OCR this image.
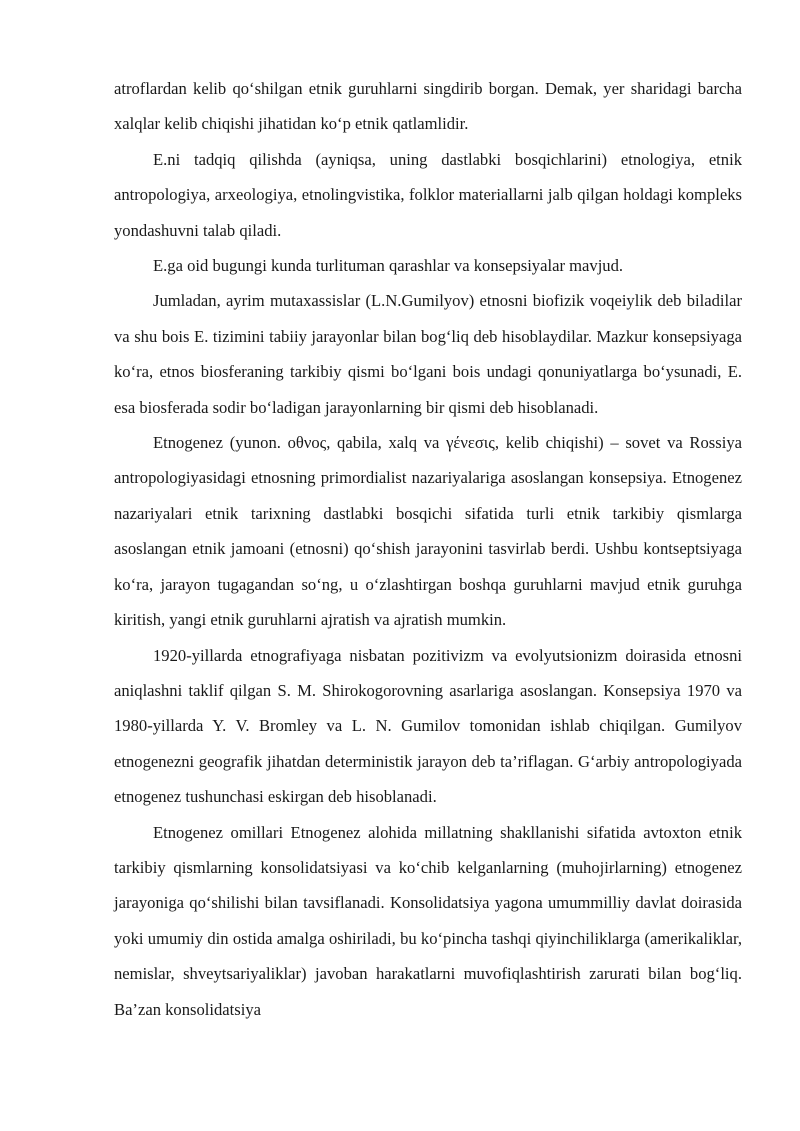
atroflardan kelib qo‘shilgan etnik guruhlarni singdirib borgan. Demak, yer sharidagi barcha xalqlar kelib chiqishi jihatidan ko‘p etnik qatlamlidir.

E.ni tadqiq qilishda (ayniqsa, uning dastlabki bosqichlarini) etnologiya, etnik antropologiya, arxeologiya, etnolingvistika, folklor materiallarni jalb qilgan holdagi kompleks yondashuvni talab qiladi.

E.ga oid bugungi kunda turlituman qarashlar va konsepsiyalar mavjud.

Jumladan, ayrim mutaxassislar (L.N.Gumilyov) etnosni biofizik voqeiylik deb biladilar va shu bois E. tizimini tabiiy jarayonlar bilan bog‘liq deb hisoblaydilar. Mazkur konsepsiyaga ko‘ra, etnos biosferaning tarkibiy qismi bo‘lgani bois undagi qonuniyatlarga bo‘ysunadi, E. esa biosferada sodir bo‘ladigan jarayonlarning bir qismi deb hisoblanadi.

Etnogenez (yunon. οθνος, qabila, xalq va γένεσις, kelib chiqishi) – sovet va Rossiya antropologiyasidagi etnosning primordialist nazariyalariga asoslangan konsepsiya. Etnogenez nazariyalari etnik tarixning dastlabki bosqichi sifatida turli etnik tarkibiy qismlarga asoslangan etnik jamoani (etnosni) qo‘shish jarayonini tasvirlab berdi. Ushbu kontseptsiyaga ko‘ra, jarayon tugagandan so‘ng, u o‘zlashtirgan boshqa guruhlarni mavjud etnik guruhga kiritish, yangi etnik guruhlarni ajratish va ajratish mumkin.

1920-yillarda etnografiyaga nisbatan pozitivizm va evolyutsionizm doirasida etnosni aniqlashni taklif qilgan S. M. Shirokogorovning asarlariga asoslangan. Konsepsiya 1970 va 1980-yillarda Y. V. Bromley va L. N. Gumilov tomonidan ishlab chiqilgan. Gumilyov etnogenezni geografik jihatdan deterministik jarayon deb ta’riflagan. G‘arbiy antropologiyada etnogenez tushunchasi eskirgan deb hisoblanadi.

Etnogenez omillari Etnogenez alohida millatning shakllanishi sifatida avtoxton etnik tarkibiy qismlarning konsolidatsiyasi va ko‘chib kelganlarning (muhojirlarning) etnogenez jarayoniga qo‘shilishi bilan tavsiflanadi. Konsolidatsiya yagona umummilliy davlat doirasida yoki umumiy din ostida amalga oshiriladi, bu ko‘pincha tashqi qiyinchiliklarga (amerikaliklar, nemislar, shveytsariyaliklar) javoban harakatlarni muvofiqlashtirish zarurati bilan bog‘liq. Ba’zan konsolidatsiya
